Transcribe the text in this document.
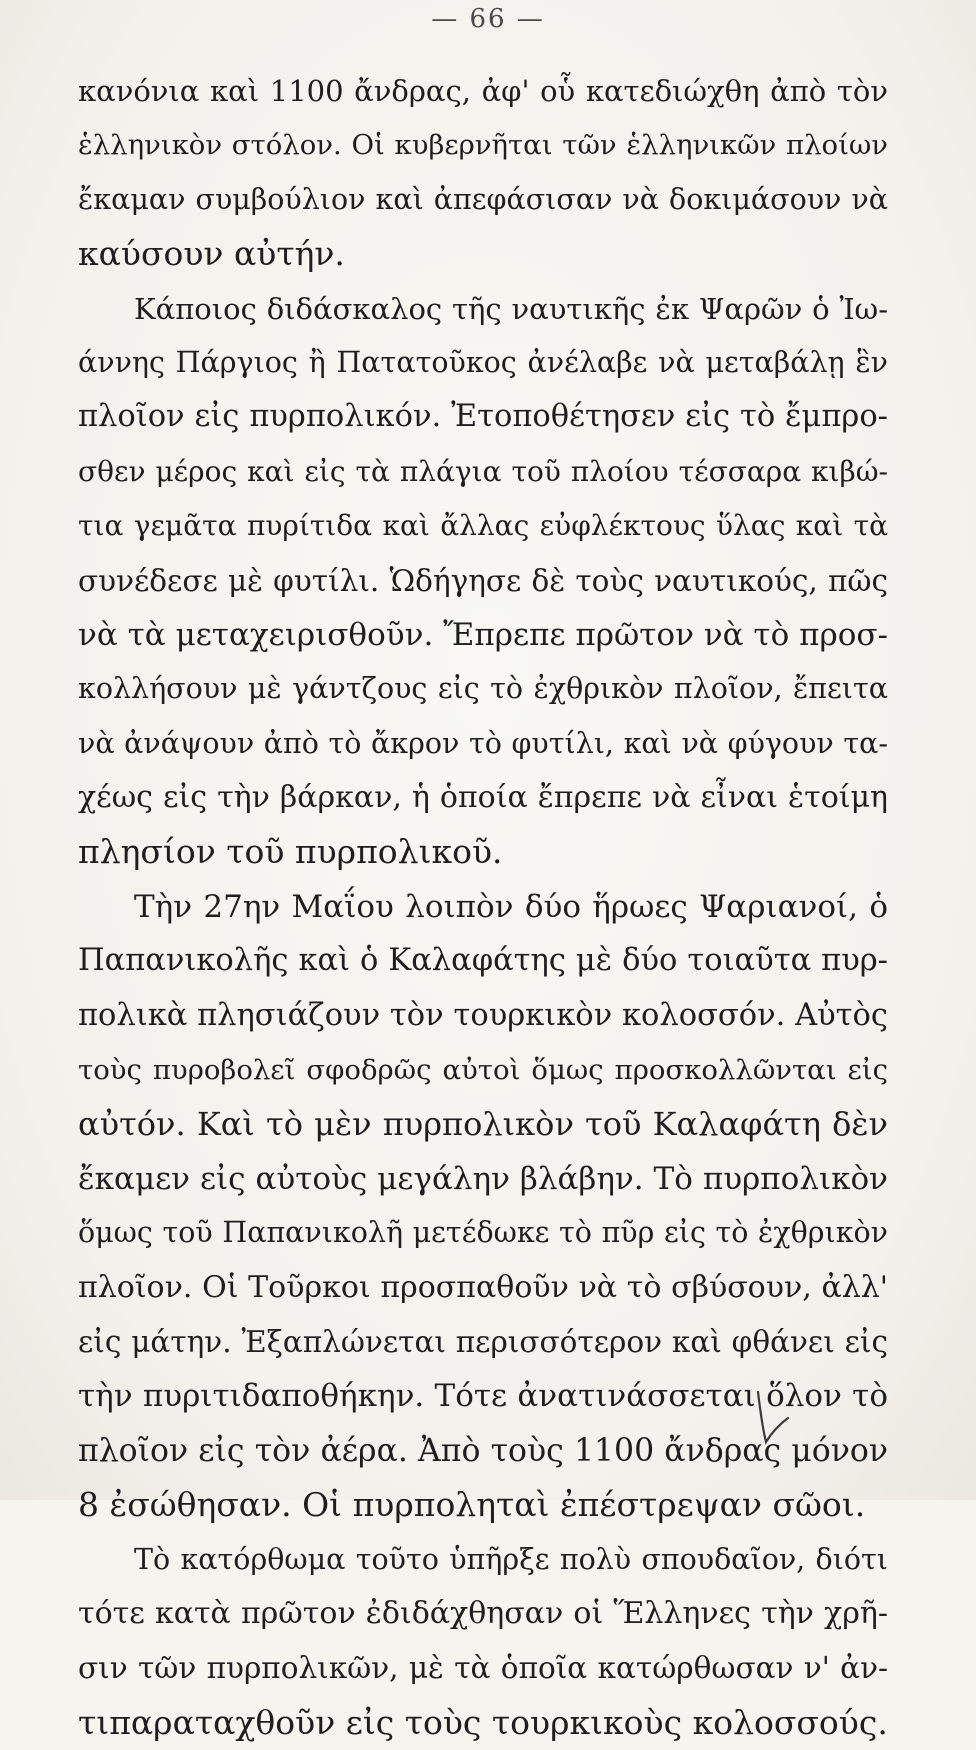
— 66 —
κανόνια καὶ 1100 ἄνδρας, ἀφ' οὗ κατεδιώχθη ἀπὸ τὸν
ἑλληνικὸν στόλον. Οἱ κυβερνῆται τῶν ἑλληνικῶν πλοίων
ἔκαμαν συμβούλιον καὶ ἀπεφάσισαν νὰ δοκιμάσουν νὰ
καύσουν αὐτήν.
Κάποιος διδάσκαλος τῆς ναυτικῆς ἐκ Ψαρῶν ὁ Ἰω-
άννης Πάργιος ἢ Πατατοῦκος ἀνέλαβε νὰ μεταβάλῃ ἓν
πλοῖον εἰς πυρπολικόν. Ἐτοποθέτησεν εἰς τὸ ἔμπρο-
σθεν μέρος καὶ εἰς τὰ πλάγια τοῦ πλοίου τέσσαρα κιβώ-
τια γεμᾶτα πυρίτιδα καὶ ἄλλας εὐφλέκτους ὕλας καὶ τὰ
συνέδεσε μὲ φυτίλι. Ὡδήγησε δὲ τοὺς ναυτικούς, πῶς
νὰ τὰ μεταχειρισθοῦν. Ἔπρεπε πρῶτον νὰ τὸ προσ-
κολλήσουν μὲ γάντζους εἰς τὸ ἐχθρικὸν πλοῖον, ἔπειτα
νὰ ἀνάψουν ἀπὸ τὸ ἄκρον τὸ φυτίλι, καὶ νὰ φύγουν τα-
χέως εἰς τὴν βάρκαν, ἡ ὁποία ἔπρεπε νὰ εἶναι ἑτοίμη
πλησίον τοῦ πυρπολικοῦ.
Τὴν 27ην Μαΐου λοιπὸν δύο ἥρωες Ψαριανοί, ὁ
Παπανικολῆς καὶ ὁ Καλαφάτης μὲ δύο τοιαῦτα πυρ-
πολικὰ πλησιάζουν τὸν τουρκικὸν κολοσσόν. Αὐτὸς
τοὺς πυροβολεῖ σφοδρῶς αὐτοὶ ὅμως προσκολλῶνται εἰς
αὐτόν. Καὶ τὸ μὲν πυρπολικὸν τοῦ Καλαφάτη δὲν
ἔκαμεν εἰς αὐτοὺς μεγάλην βλάβην. Τὸ πυρπολικὸν
ὅμως τοῦ Παπανικολῆ μετέδωκε τὸ πῦρ εἰς τὸ ἐχθρικὸν
πλοῖον. Οἱ Τοῦρκοι προσπαθοῦν νὰ τὸ σβύσουν, ἀλλ'
εἰς μάτην. Ἐξαπλώνεται περισσότερον καὶ φθάνει εἰς
τὴν πυριτιδαποθήκην. Τότε ἀνατινάσσεται ὅλον τὸ
πλοῖον εἰς τὸν ἀέρα. Ἀπὸ τοὺς 1100 ἄνδρας μόνον
8 ἐσώθησαν. Οἱ πυρποληταὶ ἐπέστρεψαν σῶοι.
Τὸ κατόρθωμα τοῦτο ὑπῆρξε πολὺ σπουδαῖον, διότι
τότε κατὰ πρῶτον ἐδιδάχθησαν οἱ Ἕλληνες τὴν χρῆ-
σιν τῶν πυρπολικῶν, μὲ τὰ ὁποῖα κατώρθωσαν ν' ἀν-
τιπαραταχθοῦν εἰς τοὺς τουρκικοὺς κολοσσούς.
